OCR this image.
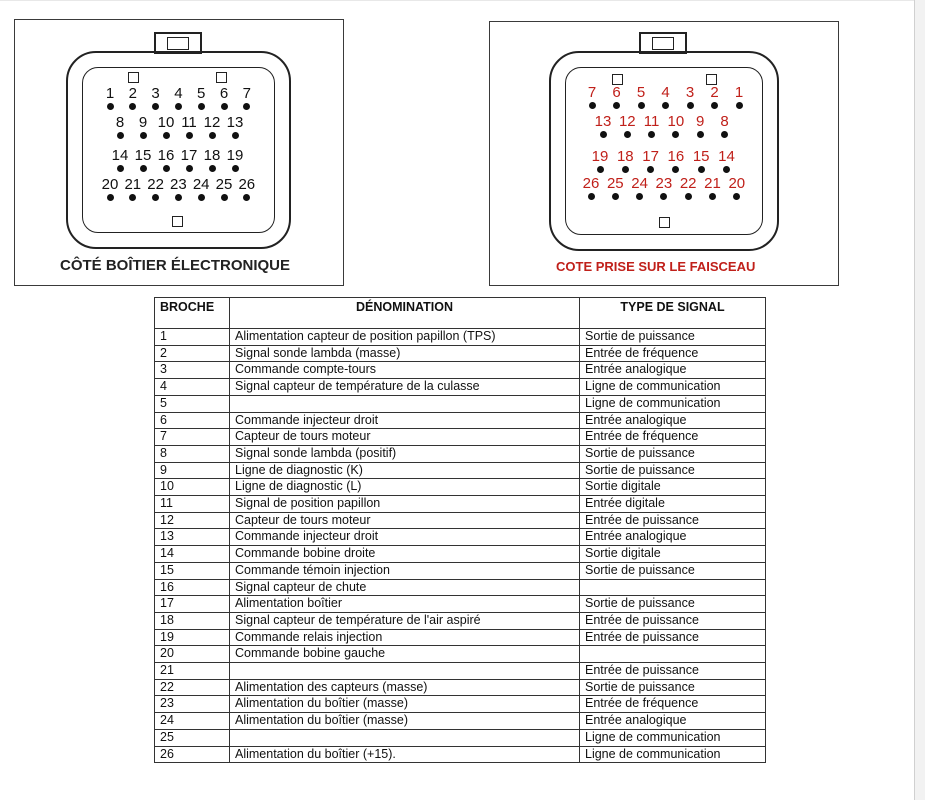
1 2 3 4 5 6 7
8 9 10 11 12 13
14 15 16 17 18 19
20 21 22 23 24 25 26
CÔTÉ BOÎTIER ÉLECTRONIQUE
7	6	5	4	3	2	1
13 12 11 10 9	8
19 18 17 16 15 14
26 25 24 23 22 21 20
COTE PRISE SUR LE FAISCEAU
BROCHE	DÉNOMINATION	TYPE DE SIGNAL
1	Alimentation capteur de position papillon (TPS)	Sortie de puissance
2	Signal sonde lambda (masse)	Entrée de fréquence
3	Commande compte-tours	Entrée analogique
4	Signal capteur de température de la culasse	Ligne de communication
5		Ligne de communication
6	Commande injecteur droit	Entrée analogique
7	Capteur de tours moteur	Entrée de fréquence
8	Signal sonde lambda (positif)	Sortie de puissance
9	Ligne de diagnostic (K)	Sortie de puissance
10	Ligne de diagnostic (L)	Sortie digitale
11	Signal de position papillon	Entrée digitale
12	Capteur de tours moteur	Entrée de puissance
13	Commande injecteur droit	Entrée analogique
14	Commande bobine droite	Sortie digitale
15	Commande témoin injection	Sortie de puissance
16	Signal capteur de chute	
17	Alimentation boîtier	Sortie de puissance
18	Signal capteur de température de l'air aspiré	Entrée de puissance
19	Commande relais injection	Entrée de puissance
20	Commande bobine gauche	
21		Entrée de puissance
22	Alimentation des capteurs (masse)	Sortie de puissance
23	Alimentation du boîtier (masse)	Entrée de fréquence
24	Alimentation du boîtier (masse)	Entrée analogique
25		Ligne de communication
26	Alimentation du boîtier (+15).	Ligne de communication
